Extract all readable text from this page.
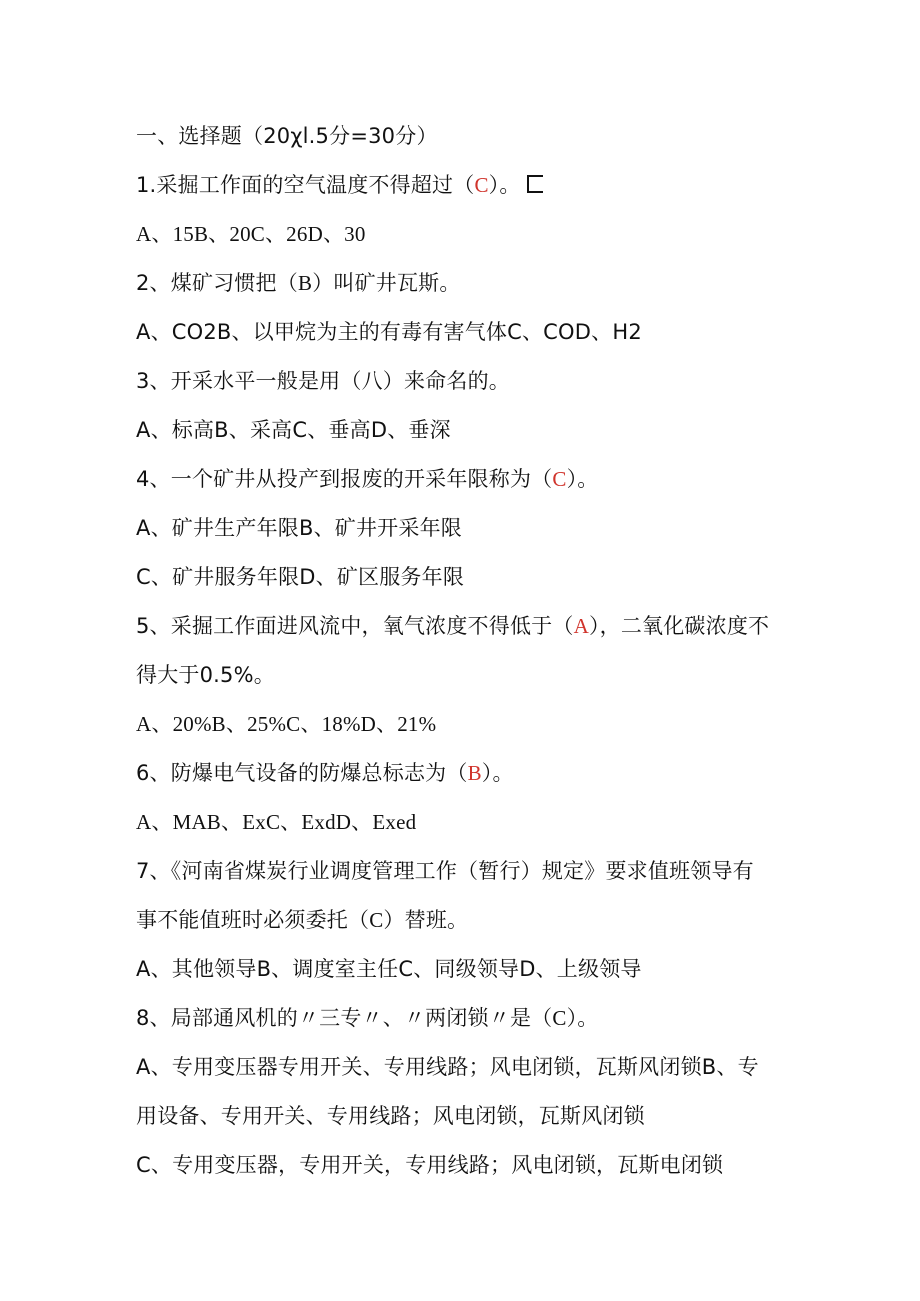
一、选择题（20χl.5分=30分）
1.采掘工作面的空气温度不得超过（C）。
A、15B、20C、26D、30
2、煤矿习惯把（B）叫矿井瓦斯。
A、CO2B、以甲烷为主的有毒有害气体C、COD、H2
3、开采水平一般是用（八）来命名的。
A、标高B、采高C、垂高D、垂深
4、一个矿井从投产到报废的开采年限称为（C）。
A、矿井生产年限B、矿井开采年限
C、矿井服务年限D、矿区服务年限
5、采掘工作面进风流中，氧气浓度不得低于（A），二氧化碳浓度不
得大于0.5%。
A、20%B、25%C、18%D、21%
6、防爆电气设备的防爆总标志为（B）。
A、MAB、ExC、ExdD、Exed
7、《河南省煤炭行业调度管理工作（暂行）规定》要求值班领导有
事不能值班时必须委托（C）替班。
A、其他领导B、调度室主任C、同级领导D、上级领导
8、局部通风机的〃三专〃、〃两闭锁〃是（C）。
A、专用变压器专用开关、专用线路；风电闭锁，瓦斯风闭锁B、专
用设备、专用开关、专用线路；风电闭锁，瓦斯风闭锁
C、专用变压器，专用开关，专用线路；风电闭锁，瓦斯电闭锁
